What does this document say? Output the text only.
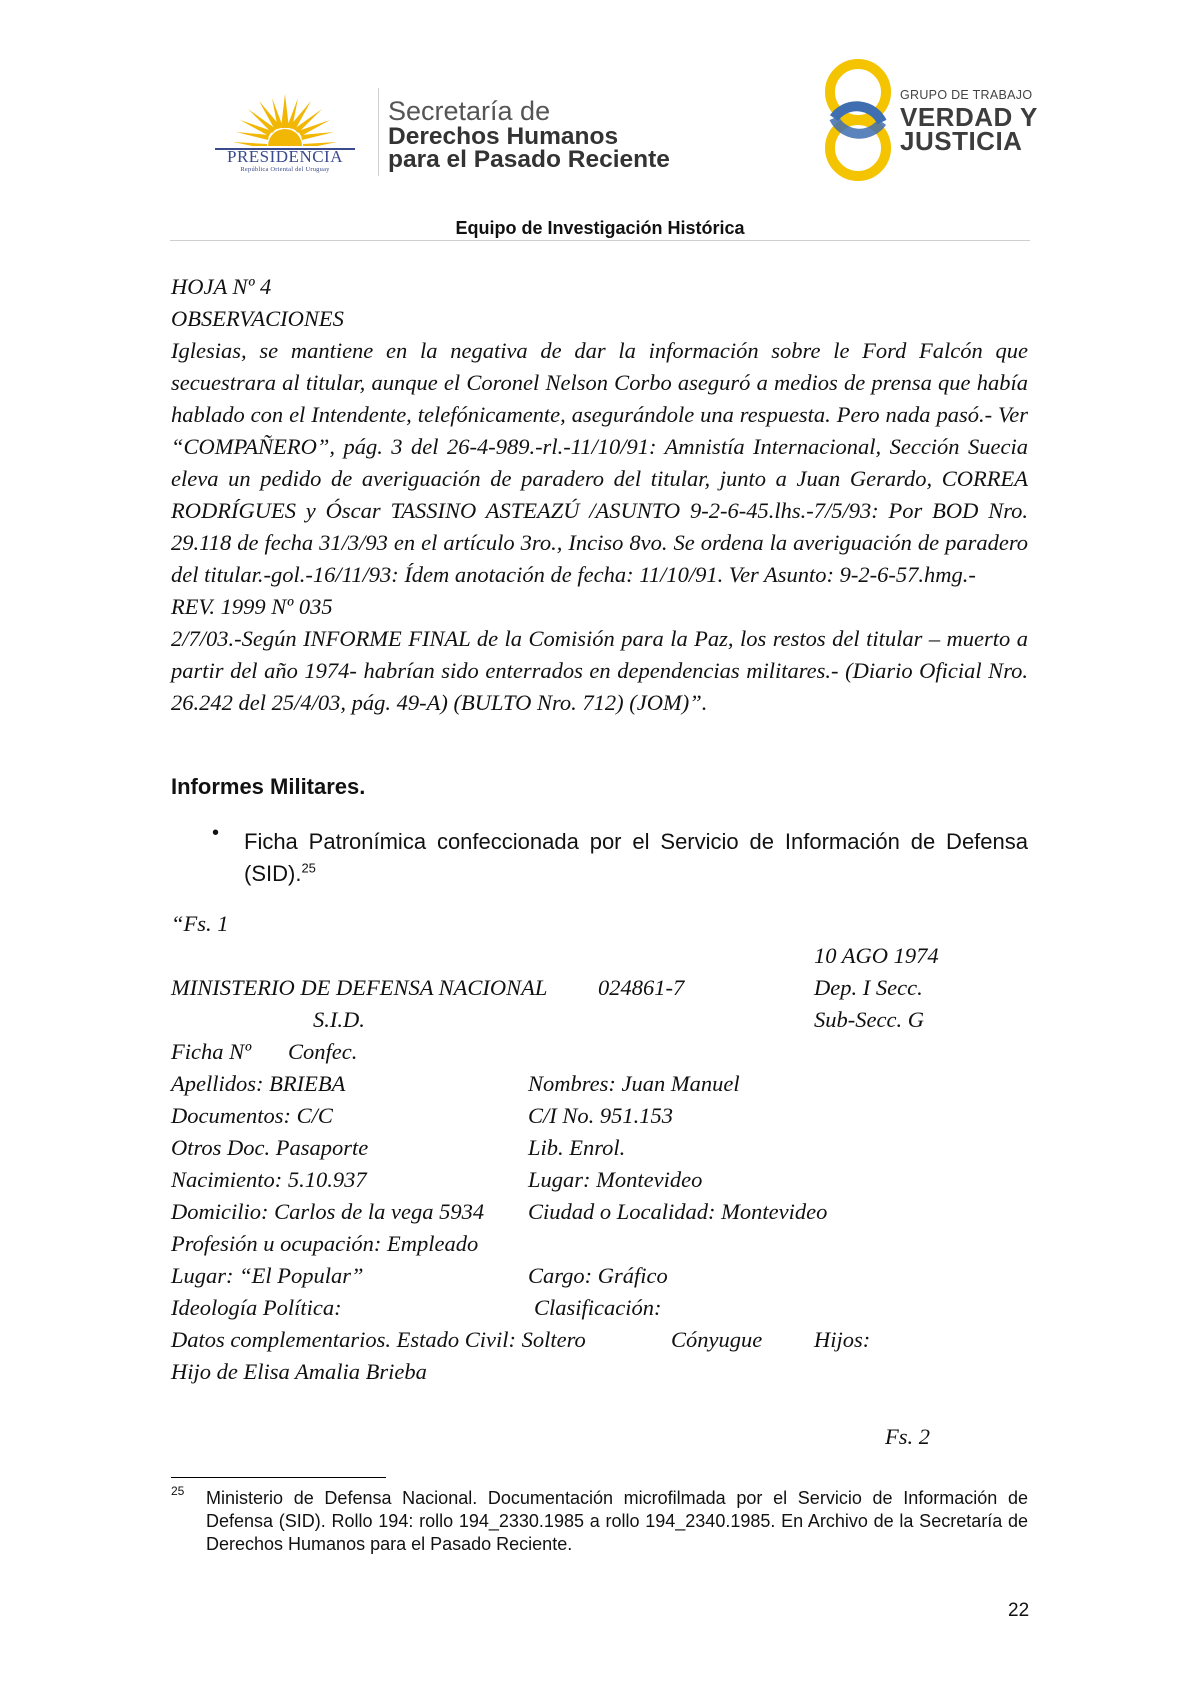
PRESIDENCIA
República Oriental del Uruguay
Secretaría de
Derechos Humanos
para el Pasado Reciente
GRUPO DE TRABAJO
VERDAD Y
JUSTICIA
Equipo de Investigación Histórica

HOJA Nº 4

OBSERVACIONES

Iglesias, se mantiene en la negativa de dar la información sobre le Ford Falcón que secuestrara al titular, aunque el Coronel Nelson Corbo aseguró a medios de prensa que había hablado con el Intendente, telefónicamente, asegurándole una respuesta. Pero nada pasó.- Ver “COMPAÑERO”, pág. 3 del 26-4-989.-rl.-11/10/91: Amnistía Internacional, Sección Suecia eleva un pedido de averiguación de paradero del titular, junto a Juan Gerardo, CORREA RODRÍGUES y Óscar TASSINO ASTEAZÚ /ASUNTO 9-2-6-45.lhs.-7/5/93: Por BOD Nro. 29.118 de fecha 31/3/93 en el artículo 3ro., Inciso 8vo. Se ordena la averiguación de paradero del titular.-gol.-16/11/93: Ídem anotación de fecha: 11/10/91. Ver Asunto: 9-2-6-57.hmg.-

REV. 1999 Nº 035

2/7/03.-Según INFORME FINAL de la Comisión para la Paz, los restos del titular – muerto a partir del año 1974- habrían sido enterrados en dependencias militares.- (Diario Oficial Nro. 26.242 del 25/4/03, pág. 49-A) (BULTO Nro. 712) (JOM)”.

Informes Militares.
• Ficha Patronímica confeccionada por el Servicio de Información de Defensa (SID).$^{25}$
“Fs. 1
10 AGO 1974
MINISTERIO DE DEFENSA NACIONAL 024861-7	Dep. I Secc.
S.I.D.	Sub-Secc. G
Ficha Nº Confec.
Apellidos: BRIEBA	Nombres: Juan Manuel
Documentos: C/C	C/I No. 951.153
Otros Doc. Pasaporte	Lib. Enrol.
Nacimiento: 5.10.937	Lugar: Montevideo
Domicilio: Carlos de la vega 5934 Ciudad o Localidad: Montevideo
Profesión u ocupación: Empleado
Lugar: “El Popular”	Cargo: Gráfico
Ideología Política:	Clasificación:
Datos complementarios. Estado Civil: Soltero	Cónyugue Hijos:
Hijo de Elisa Amalia Brieba
Fs. 2
25 Ministerio de Defensa Nacional. Documentación microfilmada por el Servicio de Información de Defensa (SID). Rollo 194: rollo 194_2330.1985 a rollo 194_2340.1985. En Archivo de la Secretaría de Derechos Humanos para el Pasado Reciente.
22
